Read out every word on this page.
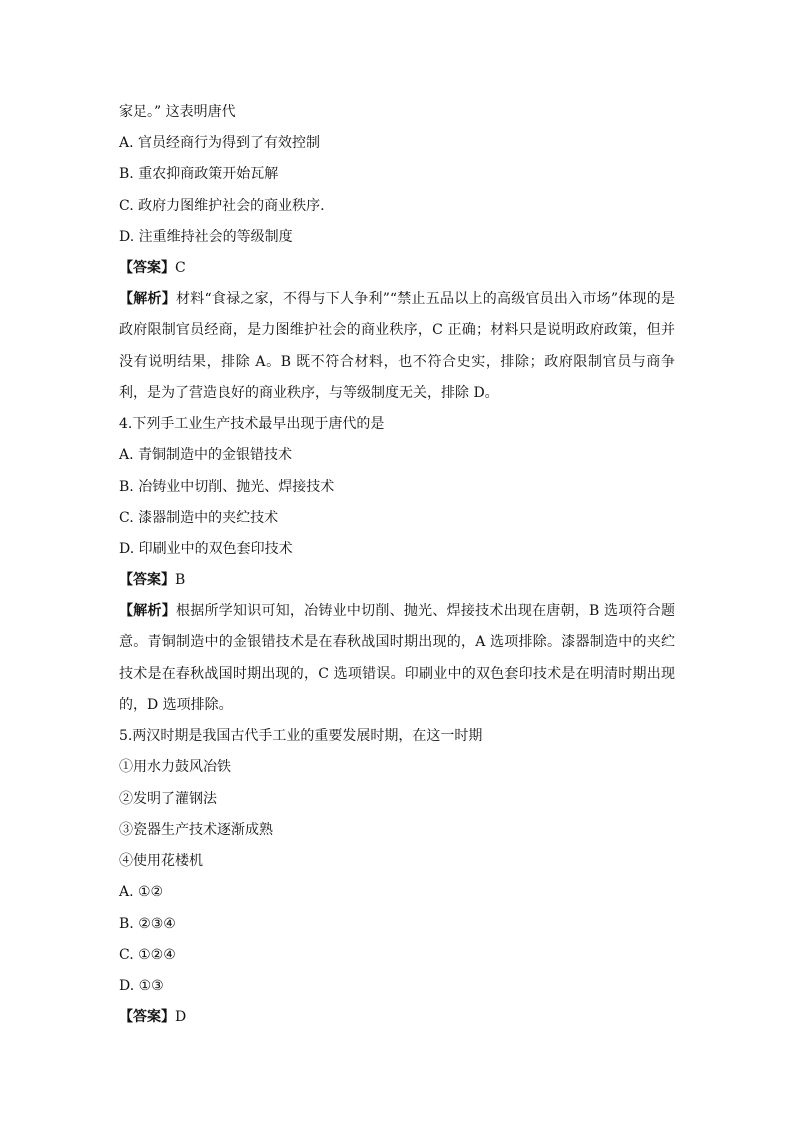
家足。” 这表明唐代
A. 官员经商行为得到了有效控制
B. 重农抑商政策开始瓦解
C. 政府力图维护社会的商业秩序.
D. 注重维持社会的等级制度
【答案】C
【解析】材料“食禄之家，不得与下人争利”“禁止五品以上的高级官员出入市场”体现的是政府限制官员经商，是力图维护社会的商业秩序，C 正确；材料只是说明政府政策，但并没有说明结果，排除 A。B 既不符合材料，也不符合史实，排除；政府限制官员与商争利，是为了营造良好的商业秩序，与等级制度无关，排除 D。
4.下列手工业生产技术最早出现于唐代的是
A. 青铜制造中的金银错技术
B. 冶铸业中切削、抛光、焊接技术
C. 漆器制造中的夹纻技术
D. 印刷业中的双色套印技术
【答案】B
【解析】根据所学知识可知，冶铸业中切削、抛光、焊接技术出现在唐朝，B 选项符合题意。青铜制造中的金银错技术是在春秋战国时期出现的，A 选项排除。漆器制造中的夹纻技术是在春秋战国时期出现的，C 选项错误。印刷业中的双色套印技术是在明清时期出现的，D 选项排除。
5.两汉时期是我国古代手工业的重要发展时期，在这一时期
①用水力鼓风冶铁
②发明了灌钢法
③瓷器生产技术逐渐成熟
④使用花楼机
A. ①②
B. ②③④
C. ①②④
D. ①③
【答案】D
